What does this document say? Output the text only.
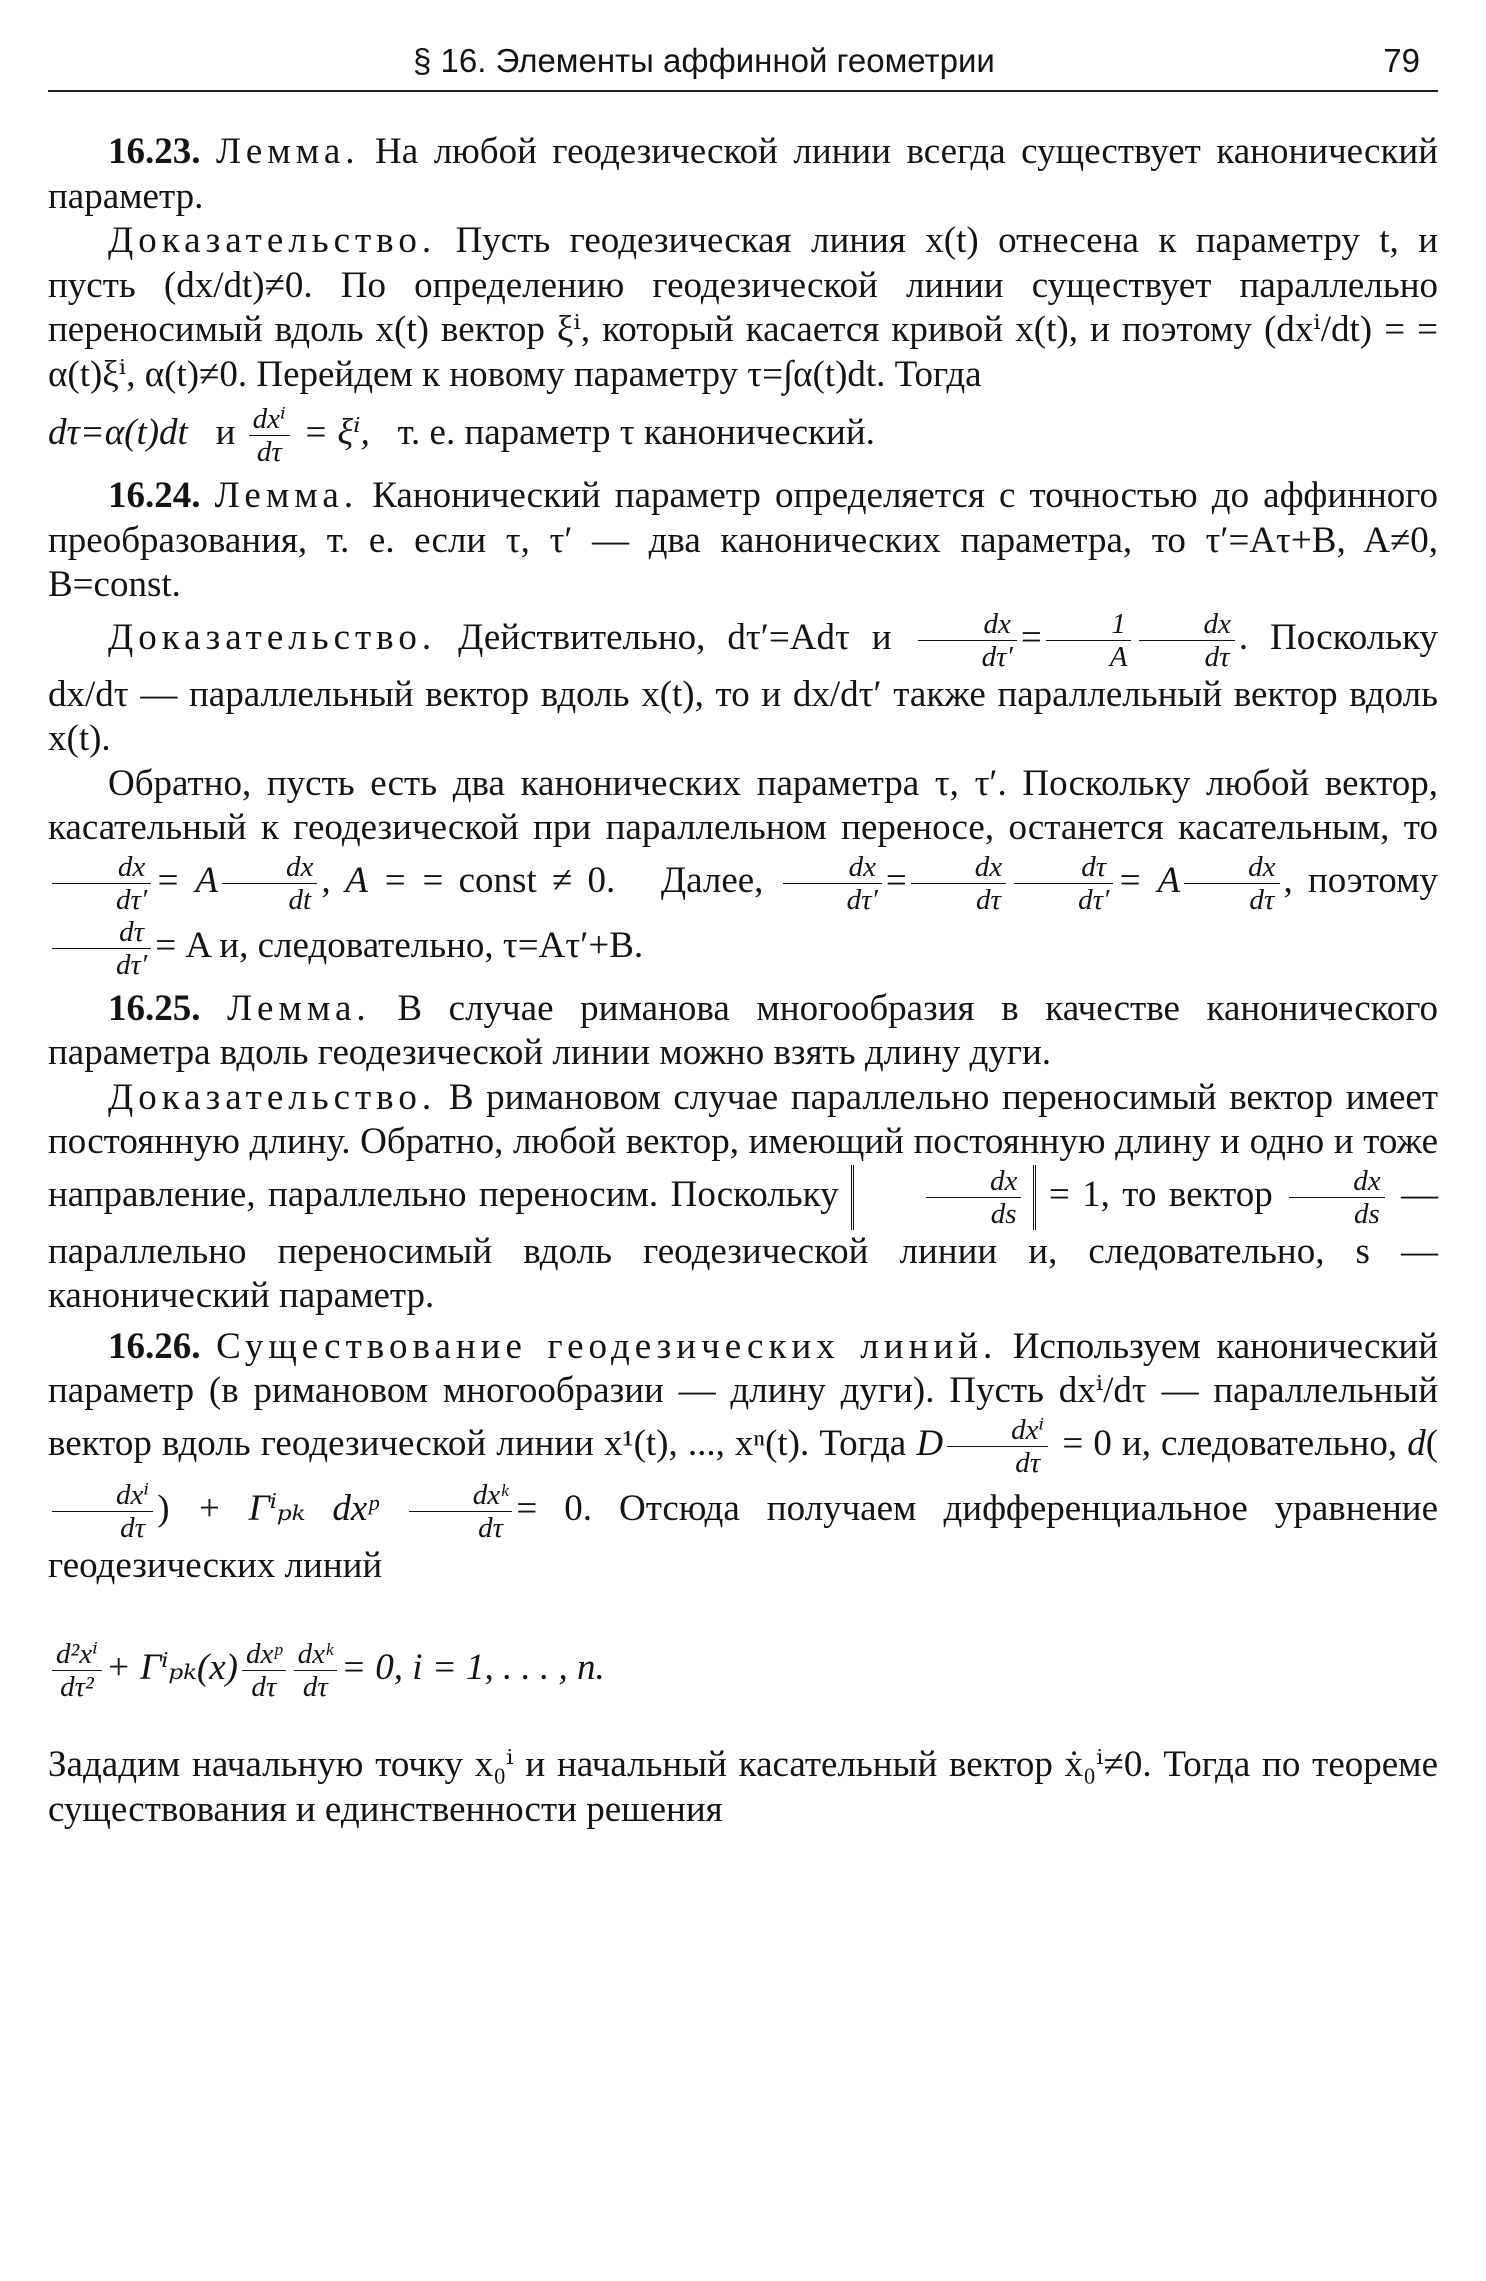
§ 16. Элементы аффинной геометрии	79

16.23. Лемма. На любой геодезической линии всегда существует канонический параметр.

Доказательство. Пусть геодезическая линия x(t) отнесена к параметру t, и пусть (dx/dt)≠0. По определению геодезической линии существует параллельно переносимый вдоль x(t) вектор ξⁱ, который касается кривой x(t), и поэтому (dxⁱ/dt) = = α(t)ξⁱ, α(t)≠0. Перейдем к новому параметру τ=∫α(t)dt. Тогда

dτ=α(t)dt и $\frac{\text{dxⁱ}}{d\tau} = \xi^i$, т. е. параметр τ канонический.

16.24. Лемма. Канонический параметр определяется с точностью до аффинного преобразования, т. е. если τ, τ′ — два канонических параметра, то τ′=Aτ+B, A≠0, B=const.

Доказательство. Действительно, dτ′=Adτ и $\frac{dx}{d\tau'} = \frac{1}{A} \frac{dx}{d\tau}$ . Поскольку dx/dτ — параллельный вектор вдоль x(t), то и dx/dτ′ также параллельный вектор вдоль x(t).

Обратно, пусть есть два канонических параметра τ, τ′. Поскольку любой вектор, касательный к геодезической при параллельном переносе, останется касательным, то
$\frac{dx}{d\tau'} = A \frac{dx}{dt}$ , A = = const ≠ 0. Далее, $\frac{dx}{d\tau'} = \frac{dx}{d\tau} \frac{d\tau}{d\tau'} = A \frac{dx}{d\tau}$ , поэтому
$\frac{d\tau}{d\tau'} = A$ и, следовательно, τ=Aτ′+B.

16.25. Лемма. В случае риманова многообразия в качестве канонического параметра вдоль геодезической линии можно взять длину дуги.

Доказательство. В римановом случае параллельно переносимый вектор имеет постоянную длину. Обратно, любой вектор, имеющий постоянную длину и одно и тоже направление, параллельно переносим. Поскольку	$\frac{dx}{ds} = 1$, то вектор $\frac{dx}{ds}$ — параллельно переносимый вдоль геодезической линии и, следовательно, s — канонический параметр.

16.26. Существование геодезических линий. Используем канонический параметр (в римановом многообразии — длину дуги). Пусть dxⁱ/dτ — параллельный вектор вдоль геодезической линии x¹(t), ..., xⁿ(t). Тогда D $\frac{\text{dxⁱ}}{d\tau} = 0$ и, следовательно, d(
$\frac{\text{dxⁱ}}{d\tau}$ ) + Γⁱₚₖ dxᵖ $\frac{\text{dxᵏ}}{d\tau} = 0$. Отсюда получаем дифференциальное уравнение геодезических линий

$\frac{\text{d²xⁱ}}{\text{dτ²}} + \Gamma^i_{pk}(x) \frac{\text{dxᵖ}}{d\tau} \frac{\text{dxᵏ}}{d\tau} = 0$, i = 1, . . . , n.

Зададим начальную точку x₀ⁱ и начальный касательный вектор ẋ₀ⁱ≠0. Тогда по теореме существования и единственности решения
